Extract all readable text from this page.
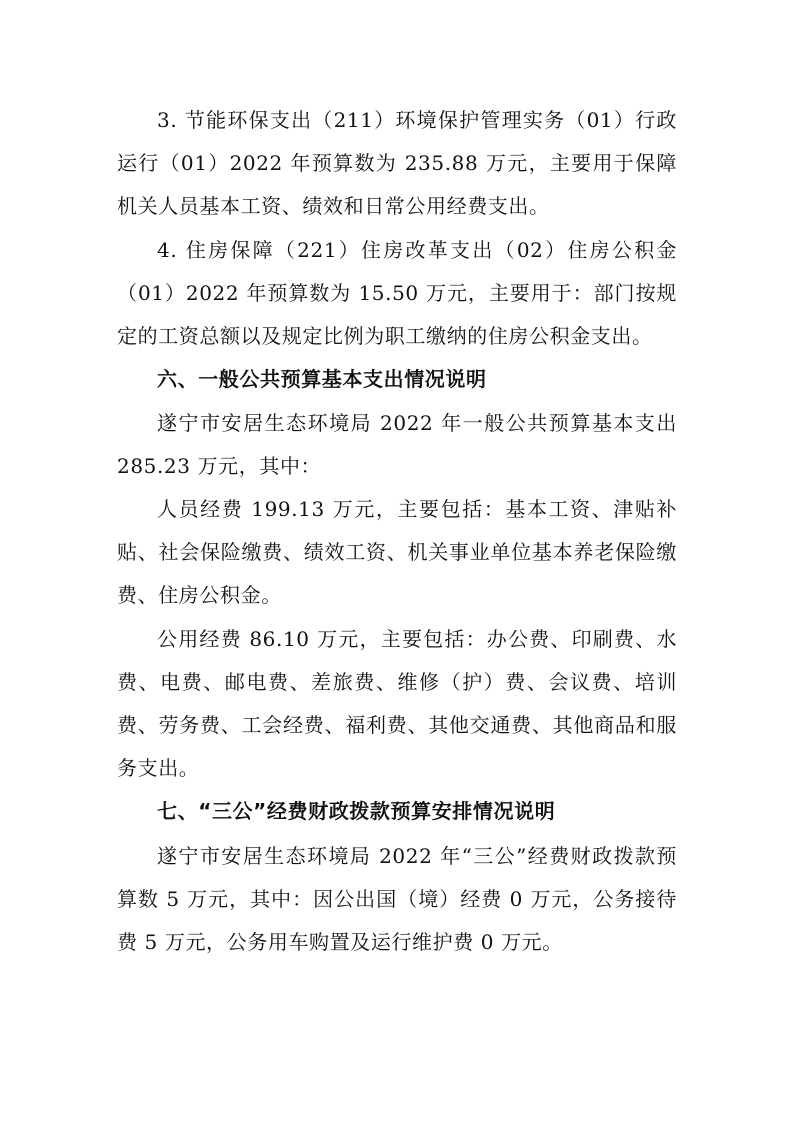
3. 节能环保支出（211）环境保护管理实务（01）行政运行（01）2022 年预算数为 235.88 万元，主要用于保障机关人员基本工资、绩效和日常公用经费支出。

4. 住房保障（221）住房改革支出（02）住房公积金（01）2022 年预算数为 15.50 万元，主要用于：部门按规定的工资总额以及规定比例为职工缴纳的住房公积金支出。

六、一般公共预算基本支出情况说明

遂宁市安居生态环境局 2022 年一般公共预算基本支出 285.23 万元，其中：

人员经费 199.13 万元，主要包括：基本工资、津贴补贴、社会保险缴费、绩效工资、机关事业单位基本养老保险缴费、住房公积金。

公用经费 86.10 万元，主要包括：办公费、印刷费、水费、电费、邮电费、差旅费、维修（护）费、会议费、培训费、劳务费、工会经费、福利费、其他交通费、其他商品和服务支出。

七、“三公”经费财政拨款预算安排情况说明

遂宁市安居生态环境局 2022 年“三公”经费财政拨款预算数 5 万元，其中：因公出国（境）经费 0 万元，公务接待费 5 万元，公务用车购置及运行维护费 0 万元。
